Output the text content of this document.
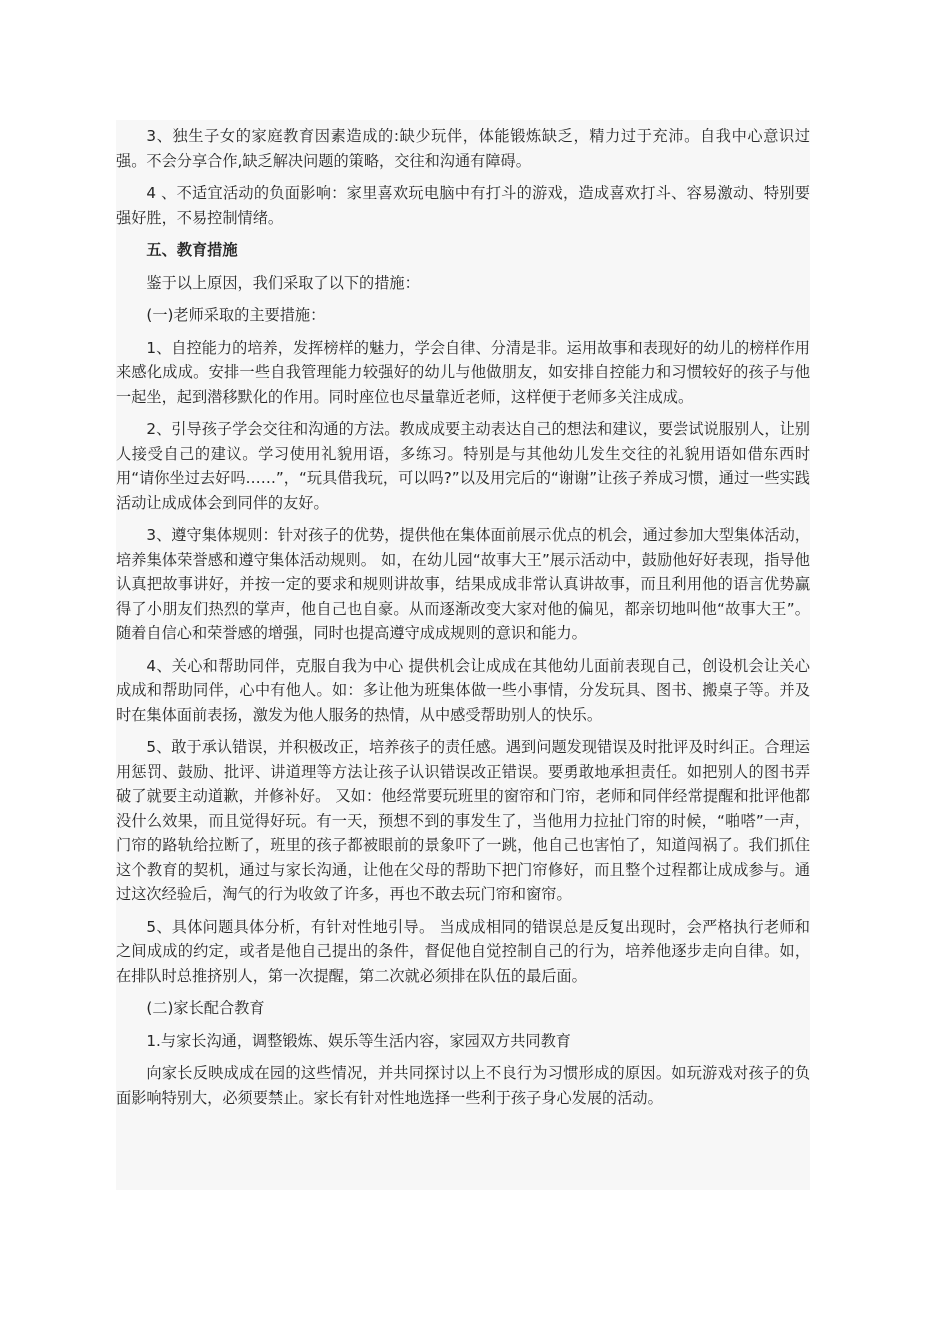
3、独生子女的家庭教育因素造成的:缺少玩伴，体能锻炼缺乏，精力过于充沛。自我中心意识过强。不会分享合作,缺乏解决问题的策略，交往和沟通有障碍。

4 、不适宜活动的负面影响：家里喜欢玩电脑中有打斗的游戏，造成喜欢打斗、容易激动、特别要强好胜，不易控制情绪。

五、教育措施

鉴于以上原因，我们采取了以下的措施：

(一)老师采取的主要措施：

1、自控能力的培养，发挥榜样的魅力，学会自律、分清是非。运用故事和表现好的幼儿的榜样作用来感化成成。安排一些自我管理能力较强好的幼儿与他做朋友，如安排自控能力和习惯较好的孩子与他一起坐，起到潜移默化的作用。同时座位也尽量靠近老师，这样便于老师多关注成成。

2、引导孩子学会交往和沟通的方法。教成成要主动表达自己的想法和建议，要尝试说服别人，让别人接受自己的建议。学习使用礼貌用语，多练习。特别是与其他幼儿发生交往的礼貌用语如借东西时用“请你坐过去好吗……”，“玩具借我玩，可以吗?”以及用完后的“谢谢”让孩子养成习惯，通过一些实践活动让成成体会到同伴的友好。

3、遵守集体规则：针对孩子的优势，提供他在集体面前展示优点的机会，通过参加大型集体活动，培养集体荣誉感和遵守集体活动规则。 如，在幼儿园“故事大王”展示活动中，鼓励他好好表现，指导他认真把故事讲好，并按一定的要求和规则讲故事，结果成成非常认真讲故事，而且利用他的语言优势赢得了小朋友们热烈的掌声，他自己也自豪。从而逐渐改变大家对他的偏见，都亲切地叫他“故事大王”。随着自信心和荣誉感的增强，同时也提高遵守成成规则的意识和能力。

4、关心和帮助同伴，克服自我为中心 提供机会让成成在其他幼儿面前表现自己，创设机会让关心成成和帮助同伴，心中有他人。如：多让他为班集体做一些小事情，分发玩具、图书、搬桌子等。并及时在集体面前表扬，激发为他人服务的热情，从中感受帮助别人的快乐。

5、敢于承认错误，并积极改正，培养孩子的责任感。遇到问题发现错误及时批评及时纠正。合理运用惩罚、鼓励、批评、讲道理等方法让孩子认识错误改正错误。要勇敢地承担责任。如把别人的图书弄破了就要主动道歉，并修补好。 又如：他经常要玩班里的窗帘和门帘，老师和同伴经常提醒和批评他都没什么效果，而且觉得好玩。有一天，预想不到的事发生了，当他用力拉扯门帘的时候，“啪嗒”一声，门帘的路轨给拉断了，班里的孩子都被眼前的景象吓了一跳，他自己也害怕了，知道闯祸了。我们抓住这个教育的契机，通过与家长沟通，让他在父母的帮助下把门帘修好，而且整个过程都让成成参与。通过这次经验后，淘气的行为收敛了许多，再也不敢去玩门帘和窗帘。

5、具体问题具体分析，有针对性地引导。 当成成相同的错误总是反复出现时，会严格执行老师和之间成成的约定，或者是他自己提出的条件，督促他自觉控制自己的行为，培养他逐步走向自律。如，在排队时总推挤别人，第一次提醒，第二次就必须排在队伍的最后面。

(二)家长配合教育

1.与家长沟通，调整锻炼、娱乐等生活内容，家园双方共同教育

向家长反映成成在园的这些情况，并共同探讨以上不良行为习惯形成的原因。如玩游戏对孩子的负面影响特别大，必须要禁止。家长有针对性地选择一些利于孩子身心发展的活动。
